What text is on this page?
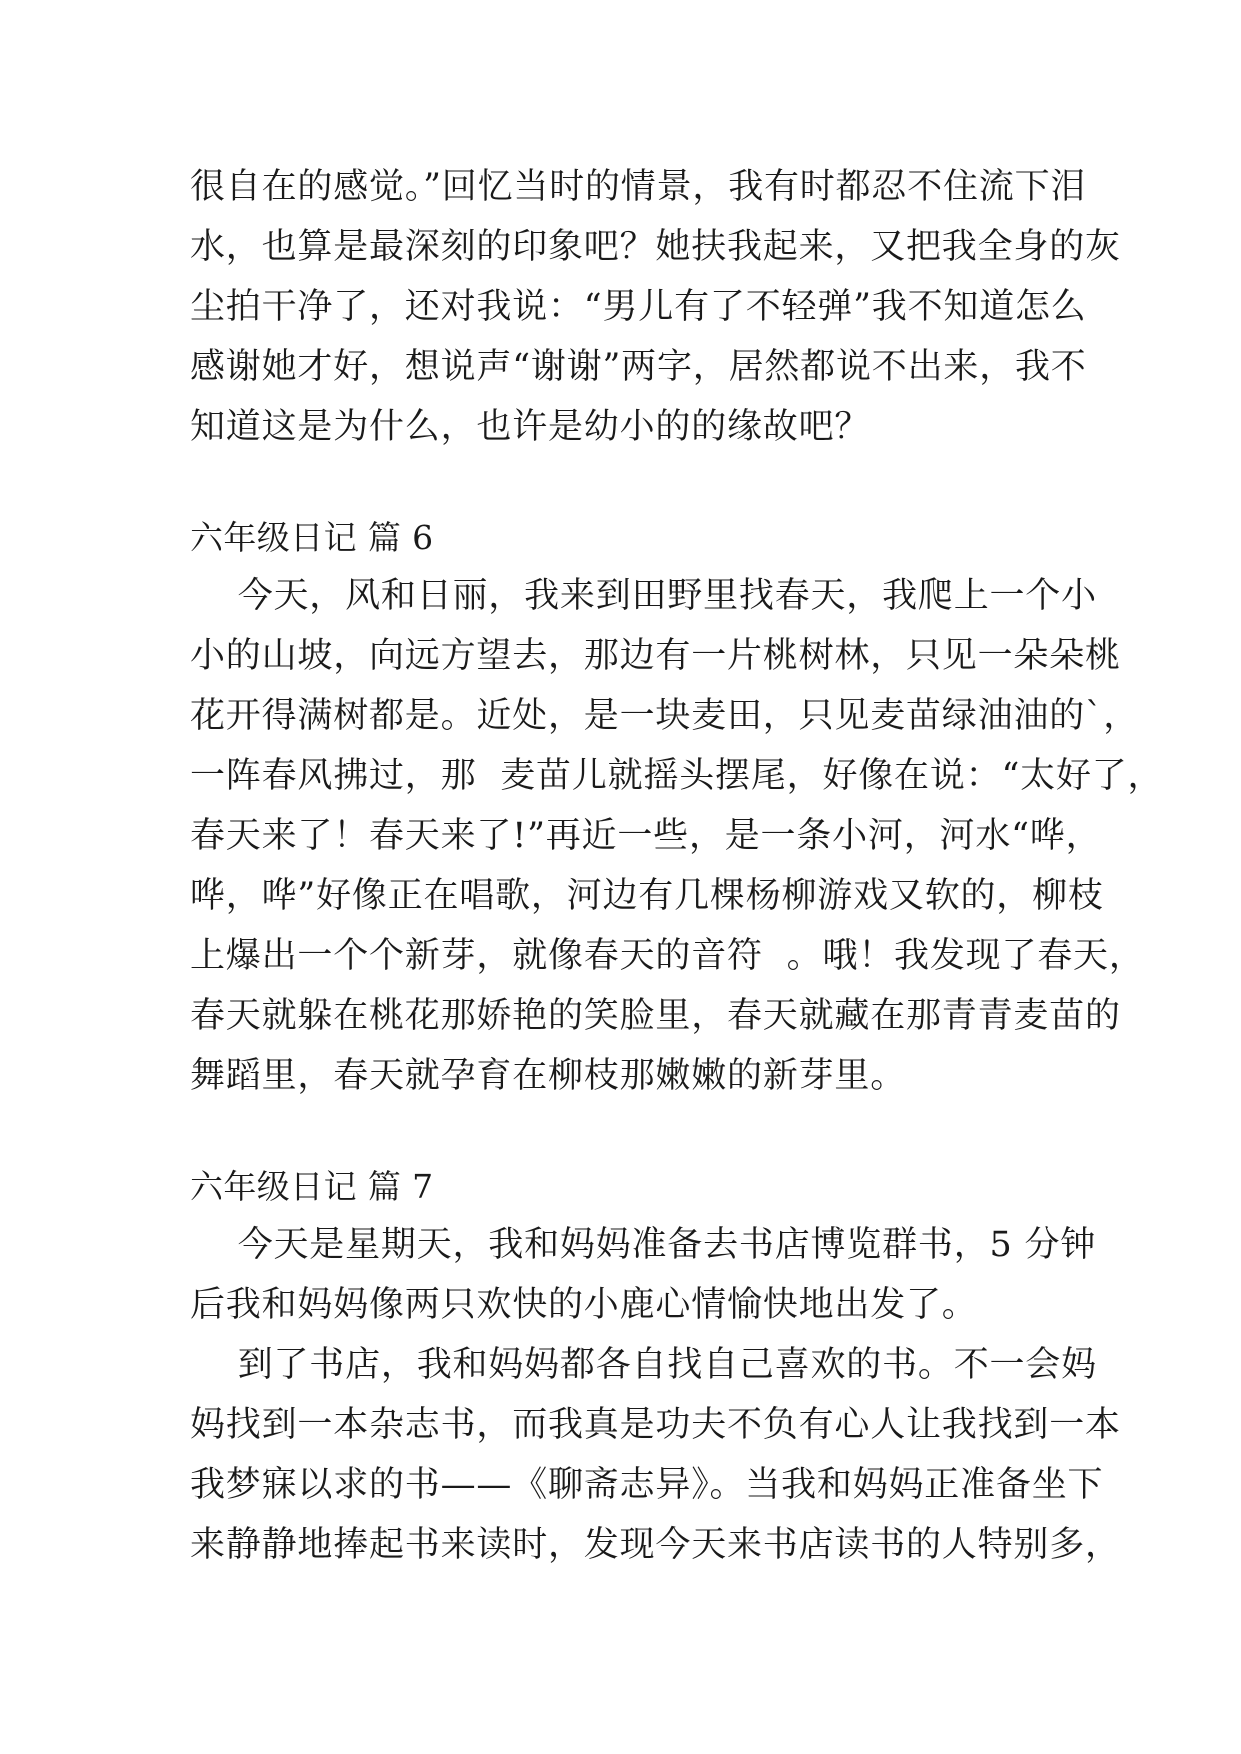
很自在的感觉。”回忆当时的情景，我有时都忍不住流下泪
水，也算是最深刻的印象吧？她扶我起来，又把我全身的灰
尘拍干净了，还对我说：“男儿有了不轻弹”我不知道怎么
感谢她才好，想说声“谢谢”两字，居然都说不出来，我不
知道这是为什么，也许是幼小的的缘故吧？
六年级日记 篇 6
今天，风和日丽，我来到田野里找春天，我爬上一个小
小的山坡，向远方望去，那边有一片桃树林，只见一朵朵桃
花开得满树都是。近处，是一块麦田，只见麦苗绿油油的`，
一阵春风拂过，那  麦苗儿就摇头摆尾，好像在说：“太好了，
春天来了！春天来了!”再近一些，是一条小河，河水“哗，
哗，哗”好像正在唱歌，河边有几棵杨柳游戏又软的，柳枝
上爆出一个个新芽，就像春天的音符  。哦！我发现了春天，
春天就躲在桃花那娇艳的笑脸里，春天就藏在那青青麦苗的
舞蹈里，春天就孕育在柳枝那嫩嫩的新芽里。
六年级日记 篇 7
今天是星期天，我和妈妈准备去书店博览群书，5 分钟
后我和妈妈像两只欢快的小鹿心情愉快地出发了。
到了书店，我和妈妈都各自找自己喜欢的书。不一会妈
妈找到一本杂志书，而我真是功夫不负有心人让我找到一本
我梦寐以求的书——《聊斋志异》。当我和妈妈正准备坐下
来静静地捧起书来读时，发现今天来书店读书的人特别多，
